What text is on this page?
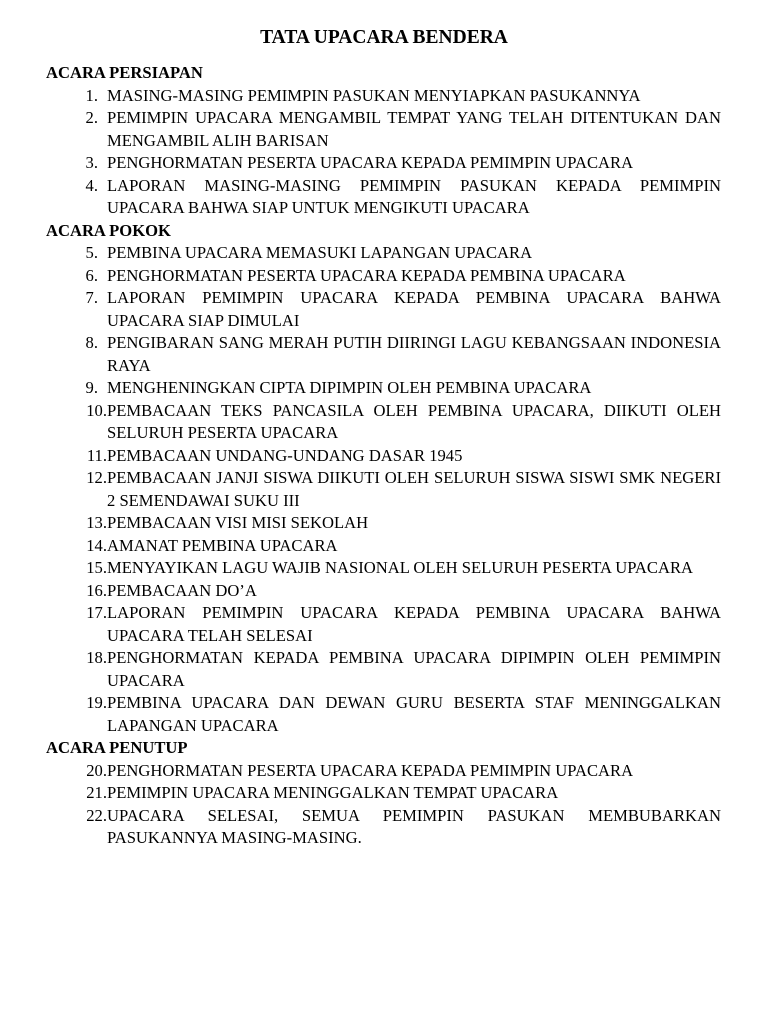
TATA UPACARA BENDERA

ACARA PERSIAPAN

1. MASING-MASING PEMIMPIN PASUKAN MENYIAPKAN PASUKANNYA
2. PEMIMPIN UPACARA MENGAMBIL TEMPAT YANG TELAH DITENTUKAN DAN MENGAMBIL ALIH BARISAN
3. PENGHORMATAN PESERTA UPACARA KEPADA PEMIMPIN UPACARA
4. LAPORAN MASING-MASING PEMIMPIN PASUKAN KEPADA PEMIMPIN UPACARA BAHWA SIAP UNTUK MENGIKUTI UPACARA

ACARA POKOK

5. PEMBINA UPACARA MEMASUKI LAPANGAN UPACARA
6. PENGHORMATAN PESERTA UPACARA KEPADA PEMBINA UPACARA
7. LAPORAN PEMIMPIN UPACARA KEPADA PEMBINA UPACARA BAHWA UPACARA SIAP DIMULAI
8. PENGIBARAN SANG MERAH PUTIH DIIRINGI LAGU KEBANGSAAN INDONESIA RAYA
9. MENGHENINGKAN CIPTA DIPIMPIN OLEH PEMBINA UPACARA
10. PEMBACAAN TEKS PANCASILA OLEH PEMBINA UPACARA, DIIKUTI OLEH SELURUH PESERTA UPACARA
11. PEMBACAAN UNDANG-UNDANG DASAR 1945
12. PEMBACAAN JANJI SISWA DIIKUTI OLEH SELURUH SISWA SISWI SMK NEGERI 2 SEMENDAWAI SUKU III
13. PEMBACAAN VISI MISI SEKOLAH
14. AMANAT PEMBINA UPACARA
15. MENYAYIKAN LAGU WAJIB NASIONAL OLEH SELURUH PESERTA UPACARA
16. PEMBACAAN DO’A
17. LAPORAN PEMIMPIN UPACARA KEPADA PEMBINA UPACARA BAHWA UPACARA TELAH SELESAI
18. PENGHORMATAN KEPADA PEMBINA UPACARA DIPIMPIN OLEH PEMIMPIN UPACARA
19. PEMBINA UPACARA DAN DEWAN GURU BESERTA STAF MENINGGALKAN LAPANGAN UPACARA

ACARA PENUTUP

20. PENGHORMATAN PESERTA UPACARA KEPADA PEMIMPIN UPACARA
21. PEMIMPIN UPACARA MENINGGALKAN TEMPAT UPACARA
22. UPACARA SELESAI, SEMUA PEMIMPIN PASUKAN MEMBUBARKAN PASUKANNYA MASING-MASING.
